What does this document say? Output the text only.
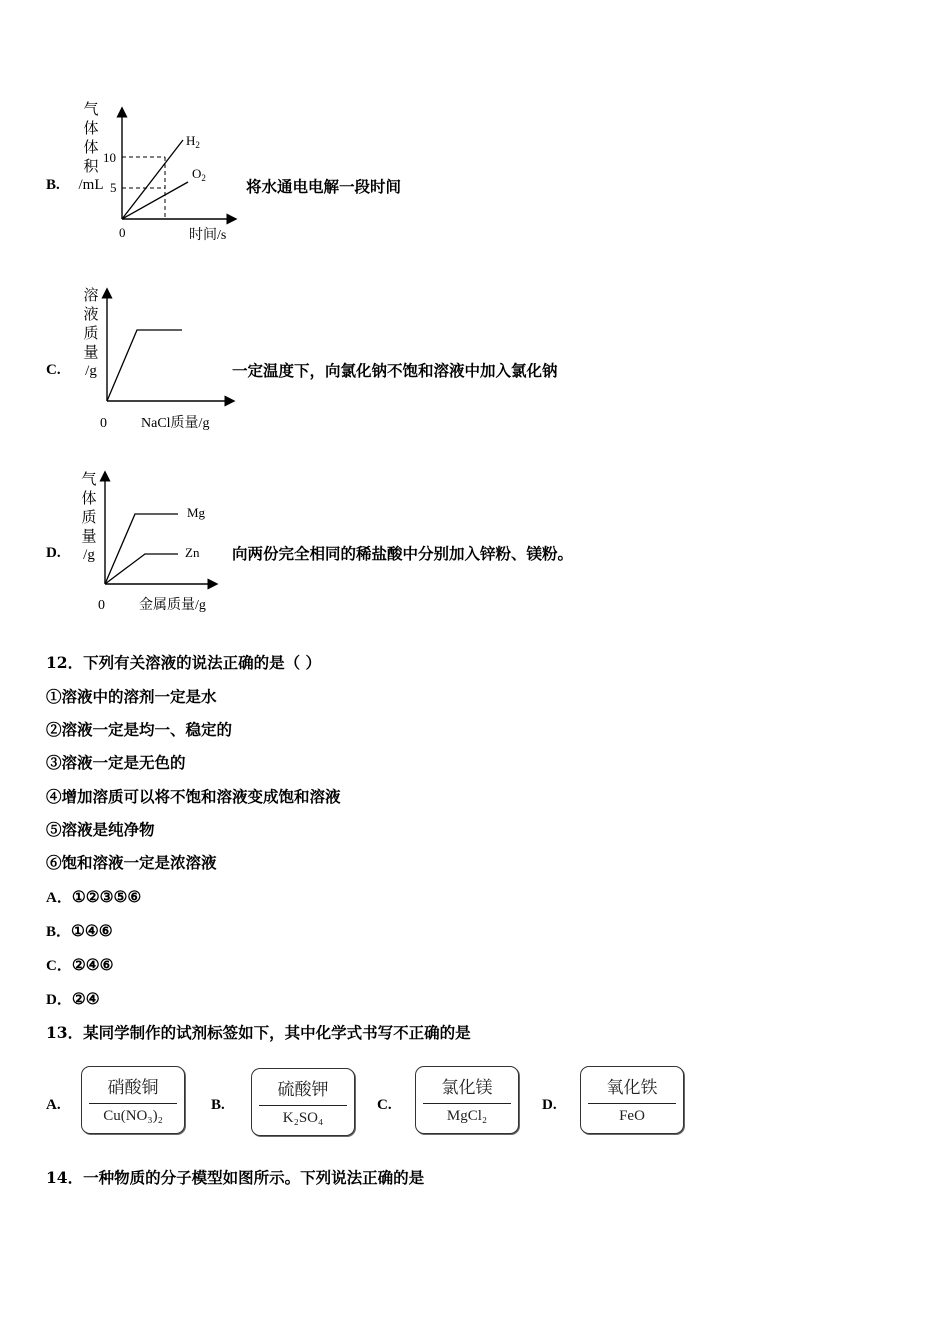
B.
气
体
体
积
/mL
10
5
0
$H_2$
$O_2$
时间/s
将水通电电解一段时间
C.
溶
液
质
量
/g
0 NaCl质量/g
一定温度下，向氯化钠不饱和溶液中加入氯化钠
D.
气
体
质
量
/g
Mg
Zn
0 金属质量/g
向两份完全相同的稀盐酸中分别加入锌粉、镁粉。
12．下列有关溶液的说法正确的是（ ）
①溶液中的溶剂一定是水
②溶液一定是均一、稳定的
③溶液一定是无色的
④增加溶质可以将不饱和溶液变成饱和溶液
⑤溶液是纯净物
⑥饱和溶液一定是浓溶液
A．①②③⑤⑥
B．①④⑥
C．②④⑥
D．②④
13．某同学制作的试剂标签如下，其中化学式书写不正确的是
A.
硝酸铜
Cu(NO₃)₂
B.
硫酸钾
K₂SO₄
C.
氯化镁
MgCl₂
D.
氧化铁
FeO
14．一种物质的分子模型如图所示。下列说法正确的是
